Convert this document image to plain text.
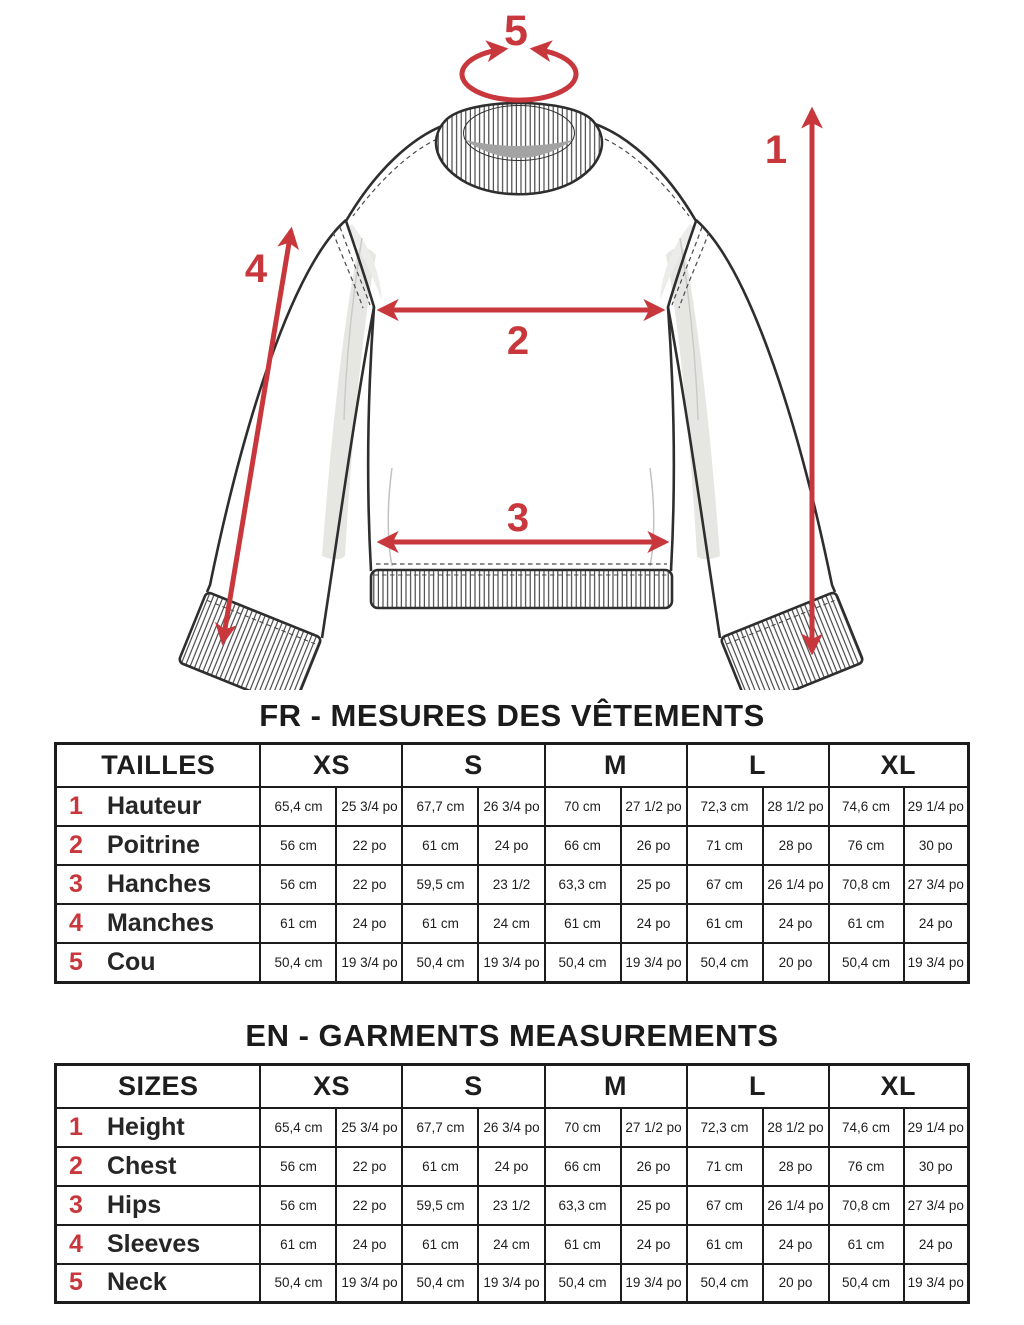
1
2
3
4
5
FR - MESURES DES VÊTEMENTS
TAILLES	XS		S		M		L		XL	
1 Hauteur	65,4 cm	25 3/4 po	67,7 cm	26 3/4 po	70 cm	27 1/2 po	72,3 cm	28 1/2 po	74,6 cm	29 1/4 po
2 Poitrine	56 cm	22 po	61 cm	24 po	66 cm	26 po	71 cm	28 po	76 cm	30 po
3 Hanches	56 cm	22 po	59,5 cm	23 1/2	63,3 cm	25 po	67 cm	26 1/4 po	70,8 cm	27 3/4 po
4 Manches	61 cm	24 po	61 cm	24 cm	61 cm	24 po	61 cm	24 po	61 cm	24 po
5 Cou	50,4 cm	19 3/4 po	50,4 cm	19 3/4 po	50,4 cm	19 3/4 po	50,4 cm	20 po	50,4 cm	19 3/4 po
EN - GARMENTS MEASUREMENTS
SIZES	XS		S		M		L		XL	
1 Height	65,4 cm	25 3/4 po	67,7 cm	26 3/4 po	70 cm	27 1/2 po	72,3 cm	28 1/2 po	74,6 cm	29 1/4 po
2 Chest	56 cm	22 po	61 cm	24 po	66 cm	26 po	71 cm	28 po	76 cm	30 po
3 Hips	56 cm	22 po	59,5 cm	23 1/2	63,3 cm	25 po	67 cm	26 1/4 po	70,8 cm	27 3/4 po
4 Sleeves	61 cm	24 po	61 cm	24 cm	61 cm	24 po	61 cm	24 po	61 cm	24 po
5 Neck	50,4 cm	19 3/4 po	50,4 cm	19 3/4 po	50,4 cm	19 3/4 po	50,4 cm	20 po	50,4 cm	19 3/4 po
